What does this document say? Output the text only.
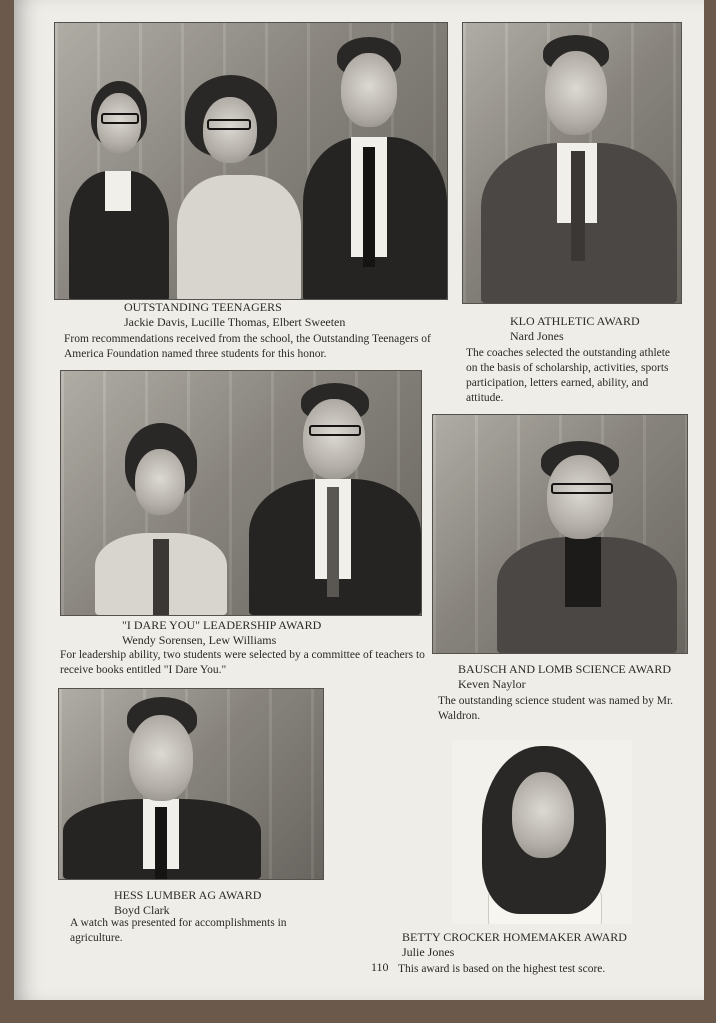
OUTSTANDING TEENAGERS
Jackie Davis, Lucille Thomas, Elbert Sweeten
From recommendations received from the school, the Outstanding Teenagers of America Foundation named three students for this honor.
KLO ATHLETIC AWARD
Nard Jones
The coaches selected the outstanding athlete on the basis of scholarship, activities, sports participation, letters earned, ability, and attitude.
"I DARE YOU" LEADERSHIP AWARD
Wendy Sorensen, Lew Williams
For leadership ability, two students were selected by a committee of teachers to receive books entitled "I Dare You."	BAUSCH AND LOMB SCIENCE AWARD
Keven Naylor
The outstanding science student was named by Mr. Waldron.
HESS LUMBER AG AWARD
Boyd Clark
A watch was presented for accomplishments in agriculture.	BETTY CROCKER HOMEMAKER AWARD
Julie Jones
110 This award is based on the highest test score.
